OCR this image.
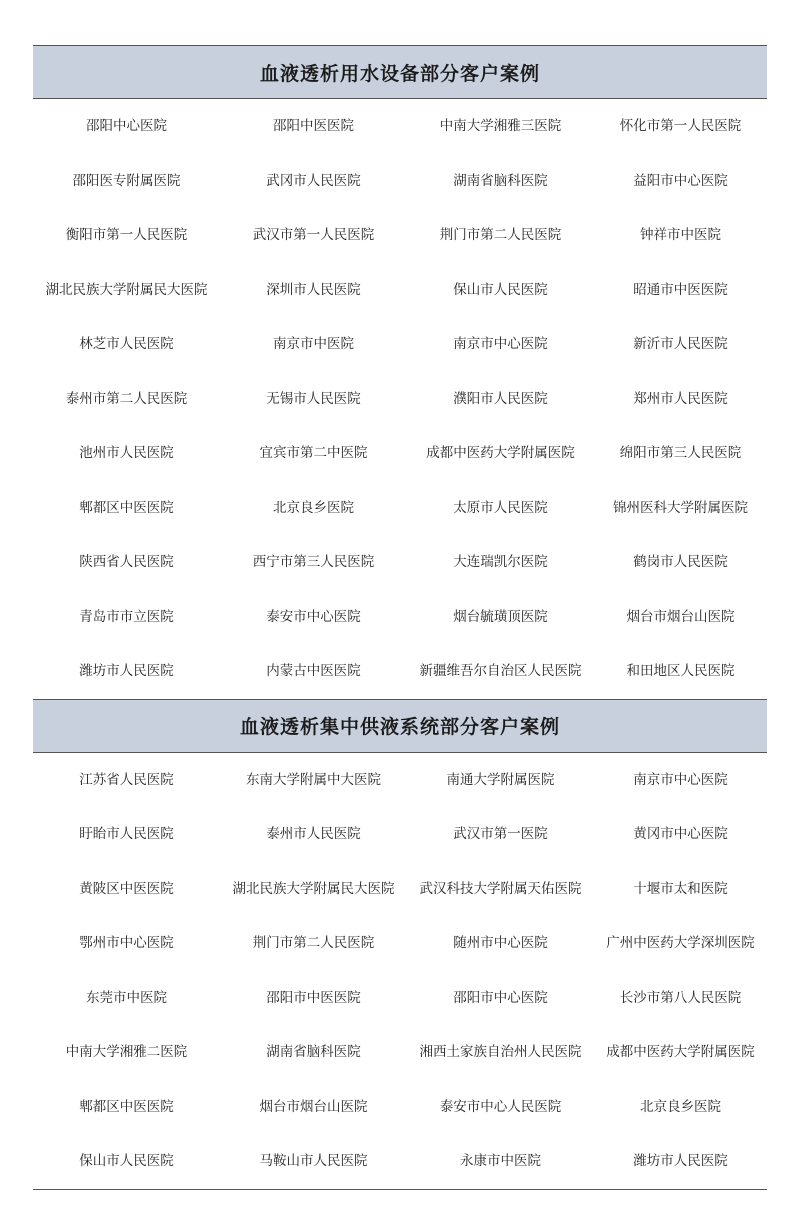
血液透析用水设备部分客户案例
邵阳中心医院	邵阳中医医院	中南大学湘雅三医院	怀化市第一人民医院
邵阳医专附属医院	武冈市人民医院	湖南省脑科医院	益阳市中心医院
衡阳市第一人民医院	武汉市第一人民医院	荆门市第二人民医院	钟祥市中医院
湖北民族大学附属民大医院	深圳市人民医院	保山市人民医院	昭通市中医医院
林芝市人民医院	南京市中医院	南京市中心医院	新沂市人民医院
泰州市第二人民医院	无锡市人民医院	濮阳市人民医院	郑州市人民医院
池州市人民医院	宜宾市第二中医院	成都中医药大学附属医院	绵阳市第三人民医院
郫都区中医医院	北京良乡医院	太原市人民医院	锦州医科大学附属医院
陕西省人民医院	西宁市第三人民医院	大连瑞凯尔医院	鹤岗市人民医院
青岛市市立医院	泰安市中心医院	烟台毓璜顶医院	烟台市烟台山医院
潍坊市人民医院	内蒙古中医医院	新疆维吾尔自治区人民医院	和田地区人民医院
血液透析集中供液系统部分客户案例
江苏省人民医院	东南大学附属中大医院	南通大学附属医院	南京市中心医院
盱眙市人民医院	泰州市人民医院	武汉市第一医院	黄冈市中心医院
黄陂区中医医院	湖北民族大学附属民大医院	武汉科技大学附属天佑医院	十堰市太和医院
鄂州市中心医院	荆门市第二人民医院	随州市中心医院	广州中医药大学深圳医院
东莞市中医院	邵阳市中医医院	邵阳市中心医院	长沙市第八人民医院
中南大学湘雅二医院	湖南省脑科医院	湘西土家族自治州人民医院	成都中医药大学附属医院
郫都区中医医院	烟台市烟台山医院	泰安市中心人民医院	北京良乡医院
保山市人民医院	马鞍山市人民医院	永康市中医院	潍坊市人民医院
